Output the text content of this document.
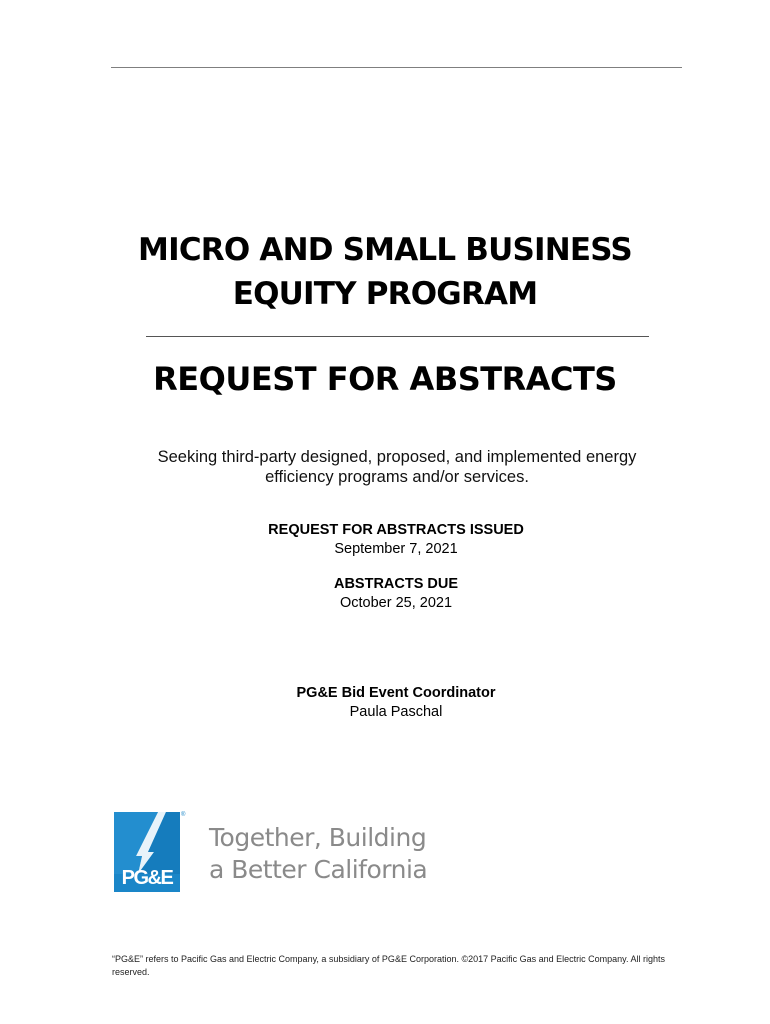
MICRO AND SMALL BUSINESS
EQUITY PROGRAM
REQUEST FOR ABSTRACTS
Seeking third-party designed, proposed, and implemented energy
efficiency programs and/or services.
REQUEST FOR ABSTRACTS ISSUED
September 7, 2021
ABSTRACTS DUE
October 25, 2021
PG&E Bid Event Coordinator
Paula Paschal
PG&E
®
Together, Building
a Better California
“PG&E” refers to Pacific Gas and Electric Company, a subsidiary of PG&E Corporation. ©2017 Pacific Gas and Electric Company. All rights reserved.
